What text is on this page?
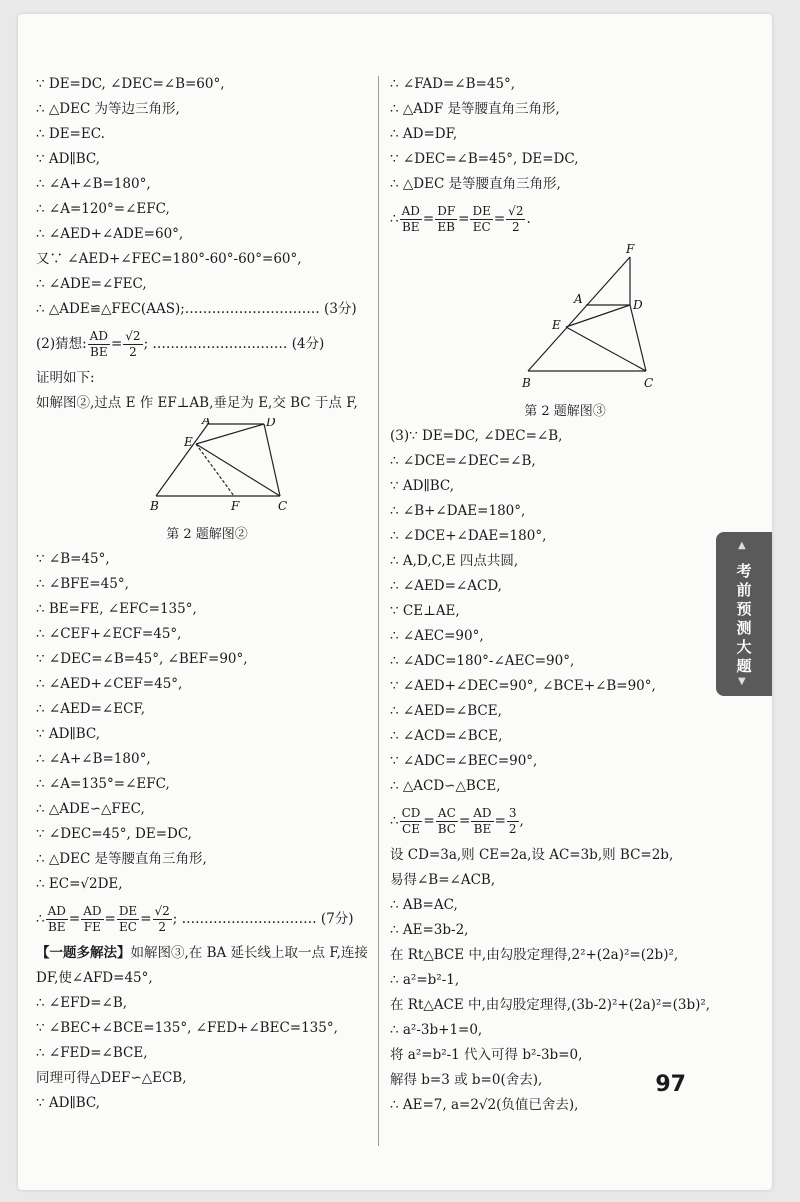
∵ DE=DC, ∠DEC=∠B=60°,
∴ △DEC 为等边三角形,
∴ DE=EC.
∵ AD∥BC,
∴ ∠A+∠B=180°,
∴ ∠A=120°=∠EFC,
∴ ∠AED+∠ADE=60°,
又∵ ∠AED+∠FEC=180°-60°-60°=60°,
∴ ∠ADE=∠FEC,
∴ △ADE≌△FEC(AAS);………………………… (3分)
(2)猜想: $\frac{AD}{BE} = \frac{√2}{2}$ ; ………………………… (4分)
证明如下:
如解图②,过点 E 作 EF⊥AB,垂足为 E,交 BC 于点 F,
A	D
E
B	F	C
第 2 题解图②
∵ ∠B=45°,
∴ ∠BFE=45°,
∴ BE=FE, ∠EFC=135°,
∴ ∠CEF+∠ECF=45°,
∵ ∠DEC=∠B=45°, ∠BEF=90°,
∴ ∠AED+∠CEF=45°,
∴ ∠AED=∠ECF,
∵ AD∥BC,
∴ ∠A+∠B=180°,
∴ ∠A=135°=∠EFC,
∴ △ADE∽△FEC,
∵ ∠DEC=45°, DE=DC,
∴ △DEC 是等腰直角三角形,
∴ EC=√2DE,
∴ $\frac{AD}{BE} = \frac{AD}{FE} = \frac{DE}{EC} = \frac{√2}{2}$ ; ………………………… (7分)
【一题多解法】如解图③,在 BA 延长线上取一点 F,连接 DF,使∠AFD=45°,
∴ ∠EFD=∠B,
∵ ∠BEC+∠BCE=135°, ∠FED+∠BEC=135°,
∴ ∠FED=∠BCE,
同理可得△DEF∽△ECB,
∵ AD∥BC,
∴ ∠FAD=∠B=45°,
∴ △ADF 是等腰直角三角形,
∴ AD=DF,
∵ ∠DEC=∠B=45°, DE=DC,
∴ △DEC 是等腰直角三角形,
∴ $\frac{AD}{BE} = \frac{DF}{EB} = \frac{DE}{EC} = \frac{√2}{2}$ .
F
A	D
E
B	C
第 2 题解图③
(3)∵ DE=DC, ∠DEC=∠B,
∴ ∠DCE=∠DEC=∠B,
∵ AD∥BC,
∴ ∠B+∠DAE=180°,
∴ ∠DCE+∠DAE=180°,
∴ A,D,C,E 四点共圆,
∴ ∠AED=∠ACD,
∵ CE⊥AE,
∴ ∠AEC=90°,
∴ ∠ADC=180°-∠AEC=90°,
∵ ∠AED+∠DEC=90°, ∠BCE+∠B=90°,
∴ ∠AED=∠BCE,
∴ ∠ACD=∠BCE,
∵ ∠ADC=∠BEC=90°,
∴ △ACD∽△BCE,
∴ $\frac{CD}{CE} = \frac{AC}{BC} = \frac{AD}{BE} = \frac{3}{2}$ ,
设 CD=3a,则 CE=2a,设 AC=3b,则 BC=2b,
易得∠B=∠ACB,
∴ AB=AC,
∴ AE=3b-2,
在 Rt△BCE 中,由勾股定理得,2²+(2a)²=(2b)²,
∴ a²=b²-1,
在 Rt△ACE 中,由勾股定理得,(3b-2)²+(2a)²=(3b)²,
∴ a²-3b+1=0,
将 a²=b²-1 代入可得 b²-3b=0,
解得 b=3 或 b=0(舍去),
∴ AE=7, a=2√2(负值已舍去),
▲
考前预测大题
▼
97
